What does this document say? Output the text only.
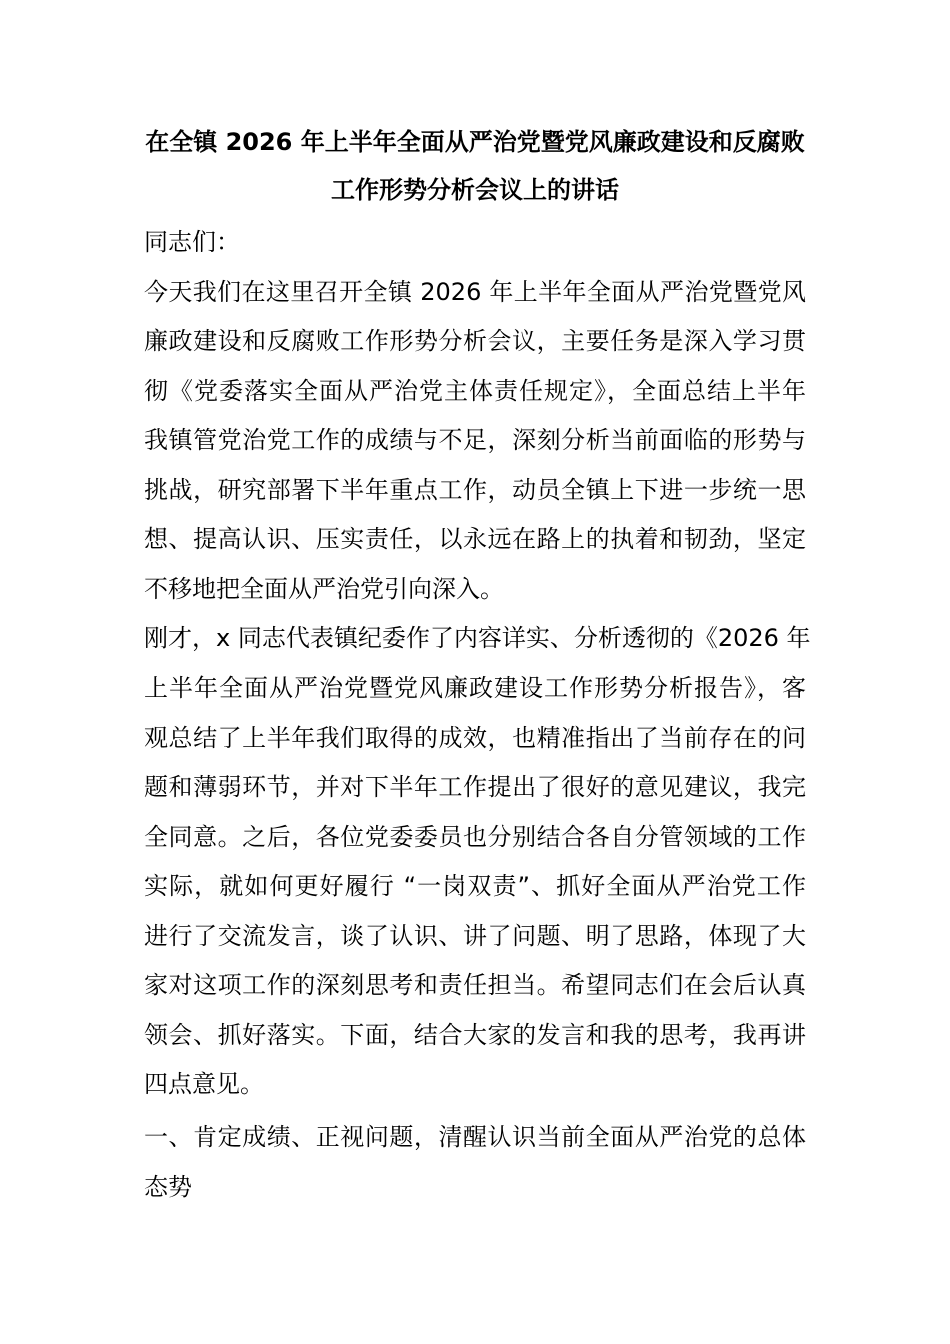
在全镇 2026 年上半年全面从严治党暨党风廉政建设和反腐败
工作形势分析会议上的讲话
同志们：
今天我们在这里召开全镇 2026 年上半年全面从严治党暨党风
廉政建设和反腐败工作形势分析会议，主要任务是深入学习贯
彻《党委落实全面从严治党主体责任规定》，全面总结上半年
我镇管党治党工作的成绩与不足，深刻分析当前面临的形势与
挑战，研究部署下半年重点工作，动员全镇上下进一步统一思
想、提高认识、压实责任，以永远在路上的执着和韧劲，坚定
不移地把全面从严治党引向深入。
刚才，x 同志代表镇纪委作了内容详实、分析透彻的《2026 年
上半年全面从严治党暨党风廉政建设工作形势分析报告》，客
观总结了上半年我们取得的成效，也精准指出了当前存在的问
题和薄弱环节，并对下半年工作提出了很好的意见建议，我完
全同意。之后，各位党委委员也分别结合各自分管领域的工作
实际，就如何更好履行 “一岗双责”、抓好全面从严治党工作
进行了交流发言，谈了认识、讲了问题、明了思路，体现了大
家对这项工作的深刻思考和责任担当。希望同志们在会后认真
领会、抓好落实。下面，结合大家的发言和我的思考，我再讲
四点意见。
一、肯定成绩、正视问题，清醒认识当前全面从严治党的总体
态势
